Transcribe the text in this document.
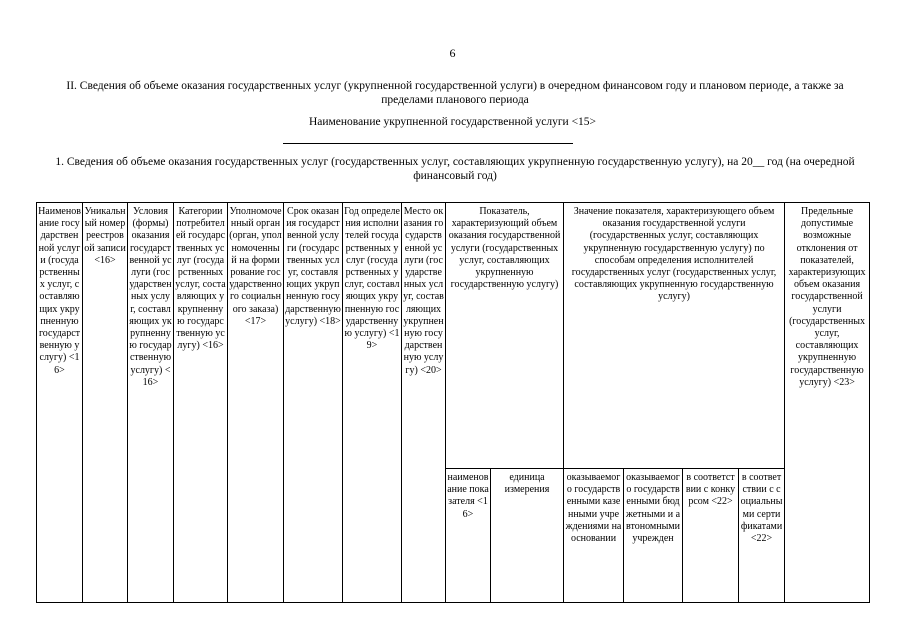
6
II. Сведения об объеме оказания государственных услуг (укрупненной государственной услуги) в очередном финансовом году и плановом периоде, а также за пределами планового периода
Наименование укрупненной государственной услуги <15>
1. Сведения об объеме оказания государственных услуг (государственных услуг, составляющих укрупненную государственную услугу), на 20__ год (на очередной финансовый год)
Наименование государственной услуги (государственных услуг, составляющих укрупненную государственную услугу) <16>	Уникальный номер реестровой записи <16>	Условия (формы) оказания государственной услуги (государственных услуг, составляющих укрупненную государственную услугу) <16>	Категории потребителей государственных услуг (государственных услуг, составляющих укрупненную государственную услугу) <16>	Уполномоченный орган (орган, уполномоченный на формирование государственного социального заказа) <17>	Срок оказания государственной услуги (государственных услуг, составляющих укрупненную государственную услугу) <18>	Год определения исполнителей государственных услуг (государственных услуг, составляющих укрупненную государственную услугу) <19>	Место оказания государственной услуги (государственных услуг, составляющих укрупненную государственную услугу) <20>	Показатель, характеризующий объем оказания государственной услуги (государственных услуг, составляющих укрупненную государственную услугу)		Значение показателя, характеризующего объем оказания государственной услуги (государственных услуг, составляющих укрупненную государственную услугу) по способам определения исполнителей государственных услуг (государственных услуг, составляющих укрупненную государственную услугу)				Предельные допустимые возможные отклонения от показателей, характеризующих объем оказания государственной услуги (государственных услуг, составляющих укрупненную государственную услугу) <23>
								наименование показателя <16>	единица измерения	оказываемого государственными казенными учреждениями на основании	оказываемого государственными бюджетными и автономными учрежден	в соответствии с конкурсом <22>	в соответствии с социальными сертификатами <22>	
